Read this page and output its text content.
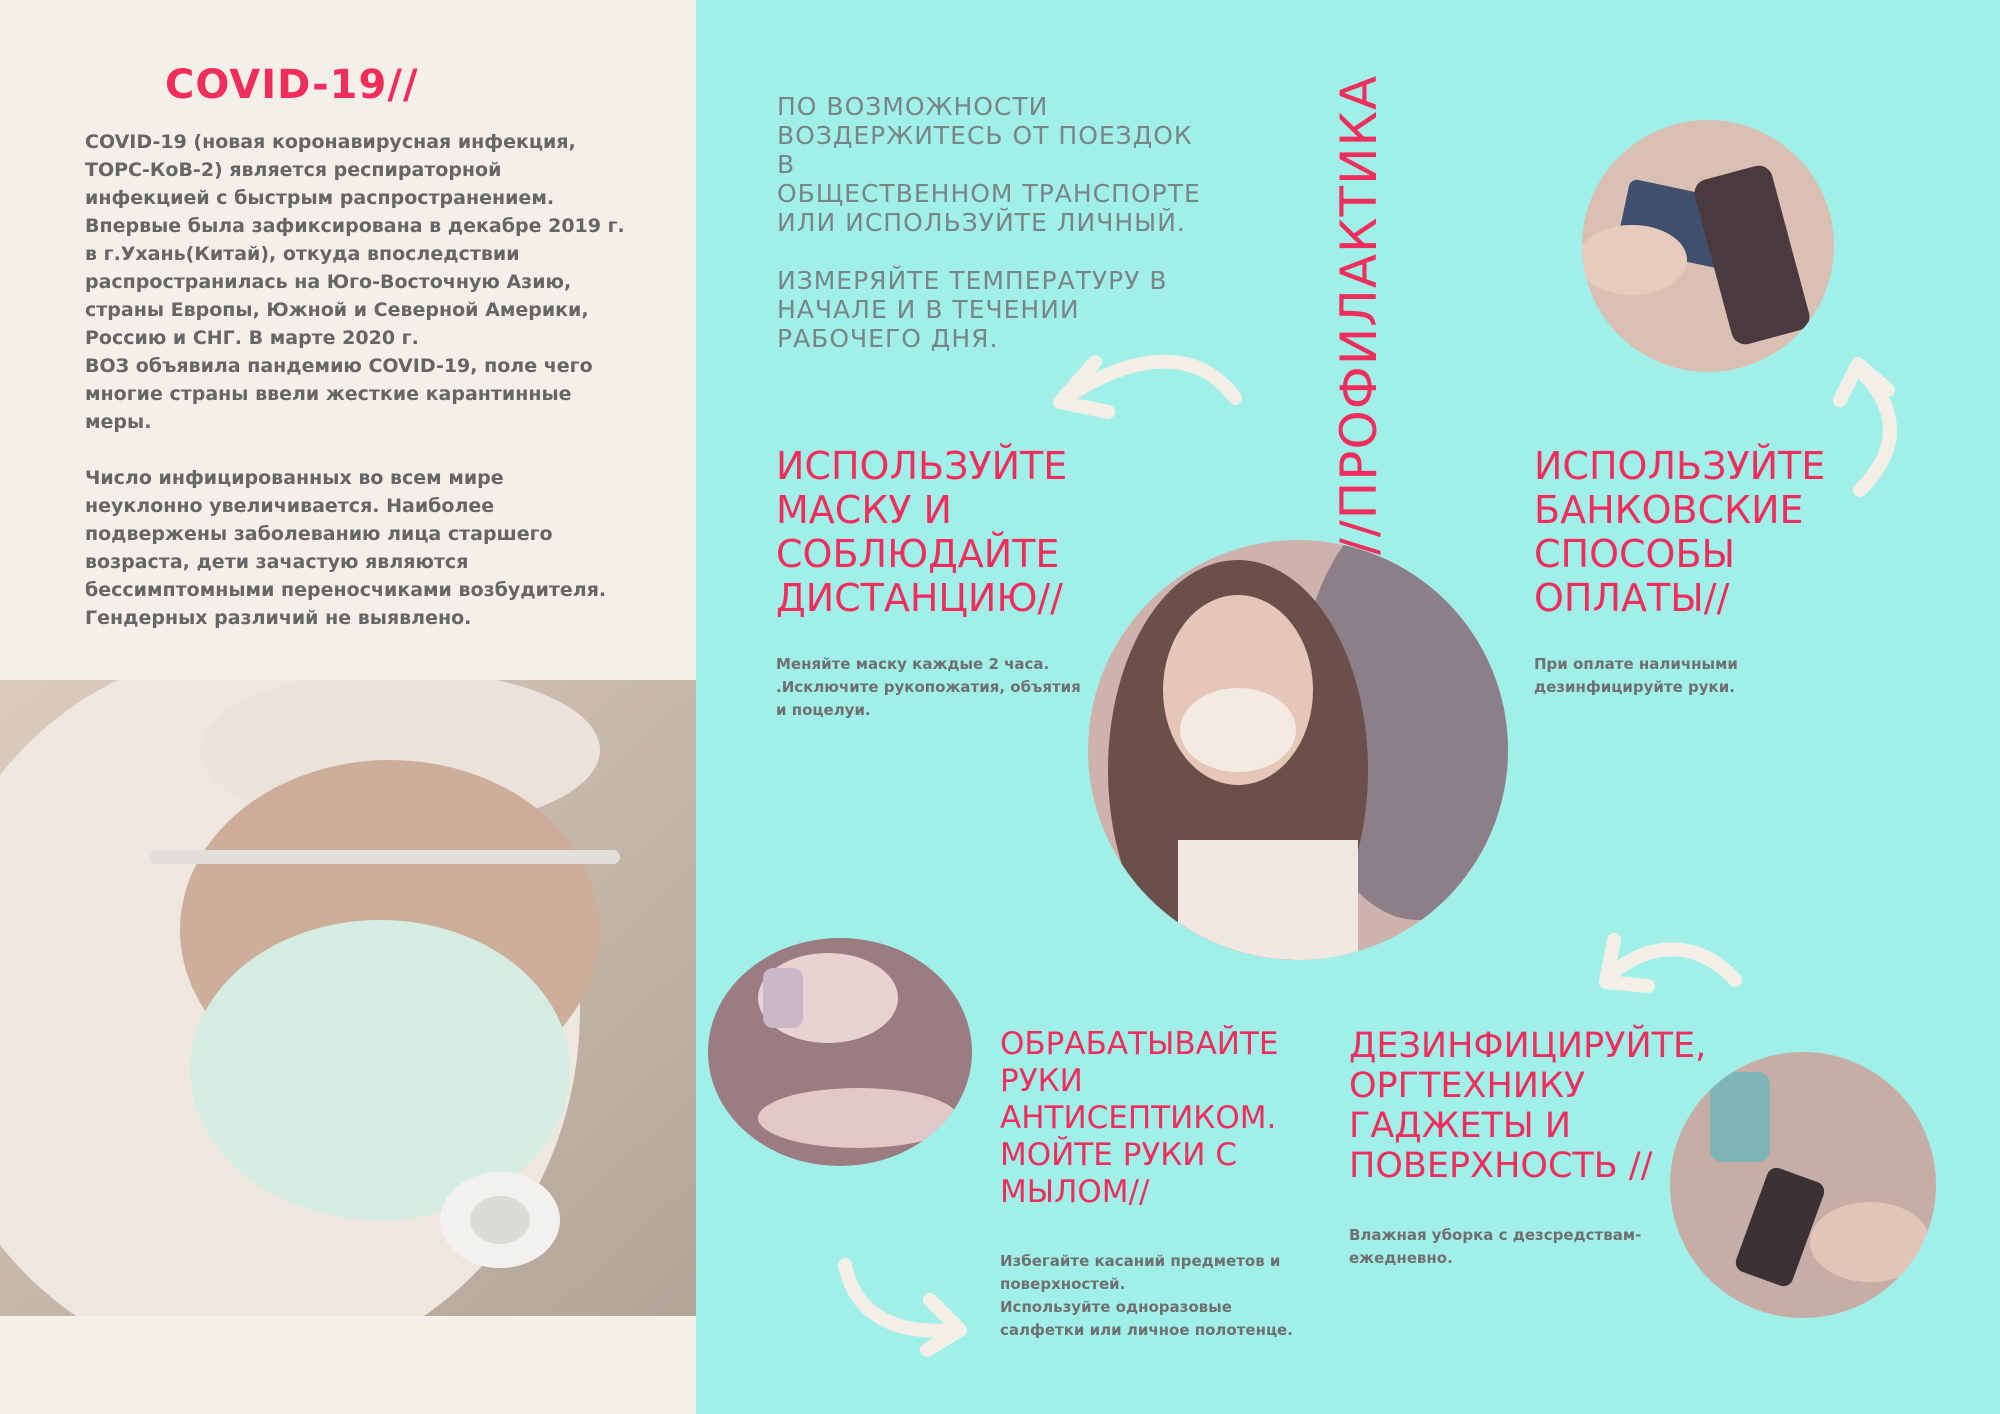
COVID-19//
COVID-19 (новая коронавирусная инфекция,
ТОРС-КоВ-2) является респираторной
инфекцией с быстрым распространением.
Впервые была зафиксирована в декабре 2019 г.
в г.Ухань(Китай), откуда впоследствии
распространилась на Юго-Восточную Азию,
страны Европы, Южной и Северной Америки,
Россию и СНГ. В марте 2020 г.
ВОЗ объявила пандемию COVID-19, поле чего
многие страны ввели жесткие карантинные
меры.

Число инфицированных во всем мире
неуклонно увеличивается. Наиболее
подвержены заболеванию лица старшего
возраста, дети зачастую являются
бессимптомными переносчиками возбудителя.
Гендерных различий не выявлено.
ПО ВОЗМОЖНОСТИ
ВОЗДЕРЖИТЕСЬ ОТ ПОЕЗДОК В
ОБЩЕСТВЕННОМ ТРАНСПОРТЕ
ИЛИ ИСПОЛЬЗУЙТЕ ЛИЧНЫЙ.

ИЗМЕРЯЙТЕ ТЕМПЕРАТУРУ В
НАЧАЛЕ И В ТЕЧЕНИИ
РАБОЧЕГО ДНЯ.	//ПРОФИЛАКТИКА
ИСПОЛЬЗУЙТЕ
МАСКУ И
СОБЛЮДАЙТЕ
ДИСТАНЦИЮ//
Меняйте маску каждые 2 часа.
.Исключите рукопожатия, объятия
и поцелуи.
ИСПОЛЬЗУЙТЕ
БАНКОВСКИЕ
СПОСОБЫ
ОПЛАТЫ//
При оплате наличными
дезинфицируйте руки.
ОБРАБАТЫВАЙТЕ
РУКИ
АНТИСЕПТИКОМ.
МОЙТЕ РУКИ С
МЫЛОМ//
Избегайте касаний предметов и
поверхностей.
Используйте одноразовые
салфетки или личное полотенце.
ДЕЗИНФИЦИРУЙТЕ,
ОРГТЕХНИКУ
ГАДЖЕТЫ И
ПОВЕРХНОСТЬ //
Влажная уборка с дезсредствам-
ежедневно.
